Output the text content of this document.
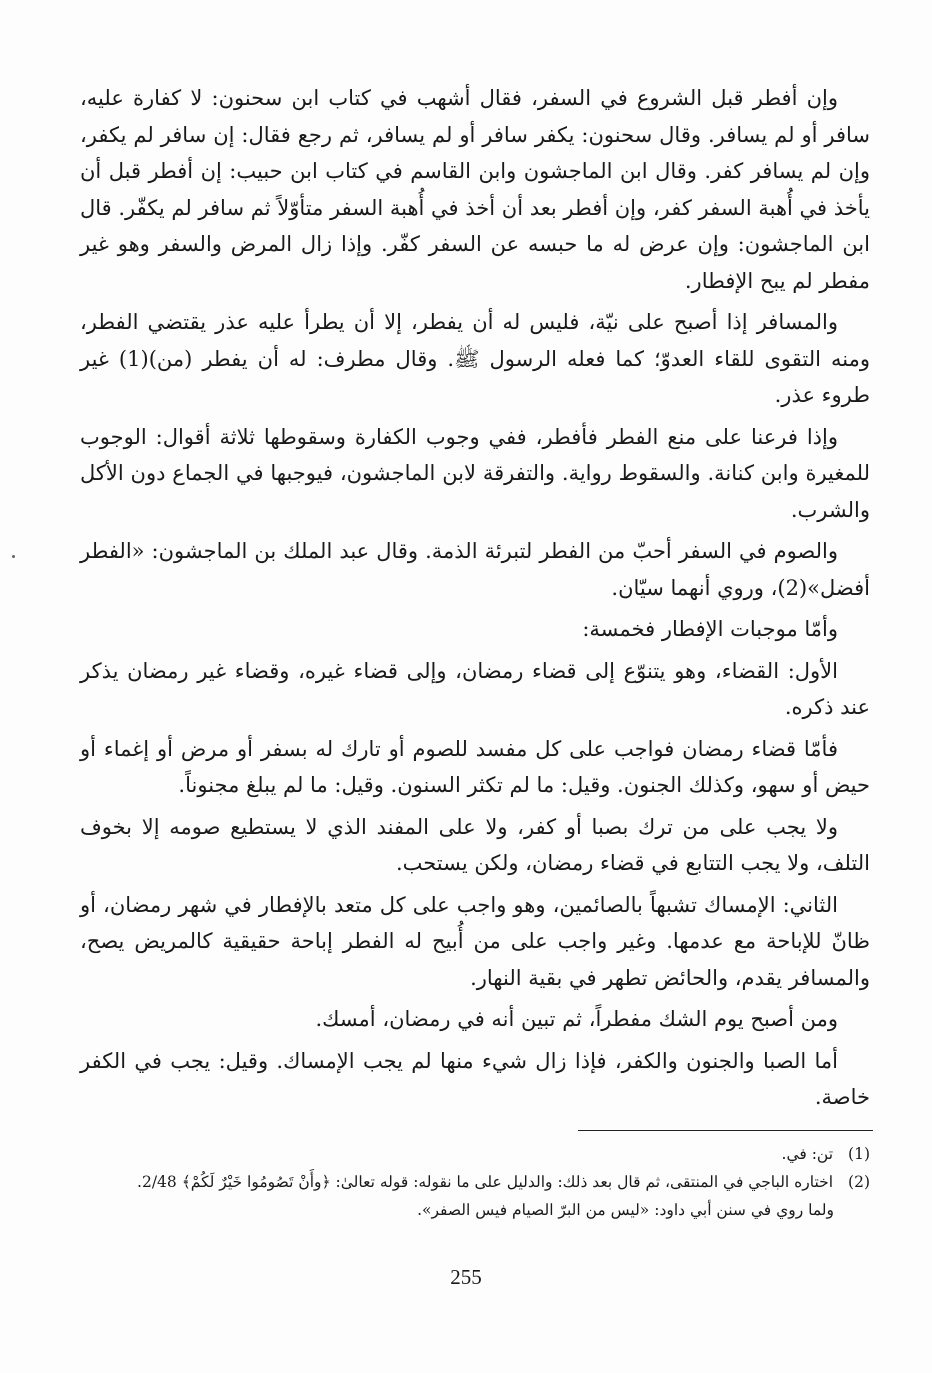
وإن أفطر قبل الشروع في السفر، فقال أشهب في كتاب ابن سحنون: لا كفارة عليه، سافر أو لم يسافر. وقال سحنون: يكفر سافر أو لم يسافر، ثم رجع فقال: إن سافر لم يكفر، وإن لم يسافر كفر. وقال ابن الماجشون وابن القاسم في كتاب ابن حبيب: إن أفطر قبل أن يأخذ في أُهبة السفر كفر، وإن أفطر بعد أن أخذ في أُهبة السفر متأوّلاً ثم سافر لم يكفّر. قال ابن الماجشون: وإن عرض له ما حبسه عن السفر كفّر. وإذا زال المرض والسفر وهو غير مفطر لم يبح الإفطار.

والمسافر إذا أصبح على نيّة، فليس له أن يفطر، إلا أن يطرأ عليه عذر يقتضي الفطر، ومنه التقوى للقاء العدوّ؛ كما فعله الرسول ﷺ. وقال مطرف: له أن يفطر (من)(1) غير طروء عذر.

وإذا فرعنا على منع الفطر فأفطر، ففي وجوب الكفارة وسقوطها ثلاثة أقوال: الوجوب للمغيرة وابن كنانة. والسقوط رواية. والتفرقة لابن الماجشون، فيوجبها في الجماع دون الأكل والشرب.

والصوم في السفر أحبّ من الفطر لتبرئة الذمة. وقال عبد الملك بن الماجشون: «الفطر أفضل»(2)، وروي أنهما سيّان.

وأمّا موجبات الإفطار فخمسة:

الأول: القضاء، وهو يتنوّع إلى قضاء رمضان، وإلى قضاء غيره، وقضاء غير رمضان يذكر عند ذكره.

فأمّا قضاء رمضان فواجب على كل مفسد للصوم أو تارك له بسفر أو مرض أو إغماء أو حيض أو سهو، وكذلك الجنون. وقيل: ما لم تكثر السنون. وقيل: ما لم يبلغ مجنوناً.

ولا يجب على من ترك بصبا أو كفر، ولا على المفند الذي لا يستطيع صومه إلا بخوف التلف، ولا يجب التتابع في قضاء رمضان، ولكن يستحب.

الثاني: الإمساك تشبهاً بالصائمين، وهو واجب على كل متعد بالإفطار في شهر رمضان، أو ظانّ للإباحة مع عدمها. وغير واجب على من أُبيح له الفطر إباحة حقيقية كالمريض يصح، والمسافر يقدم، والحائض تطهر في بقية النهار.

ومن أصبح يوم الشك مفطراً، ثم تبين أنه في رمضان، أمسك.

أما الصبا والجنون والكفر، فإذا زال شيء منها لم يجب الإمساك. وقيل: يجب في الكفر خاصة.

(1) تن: في.

(2) اختاره الباجي في المنتقى، ثم قال بعد ذلك: والدليل على ما نقوله: قوله تعالىٰ: ﴿وأَنْ تَصُومُوا خَيْرٌ لَكُمْ﴾ 2/48.

ولما روي في سنن أبي داود: «ليس من البرّ الصيام فيس الصفر».

255
